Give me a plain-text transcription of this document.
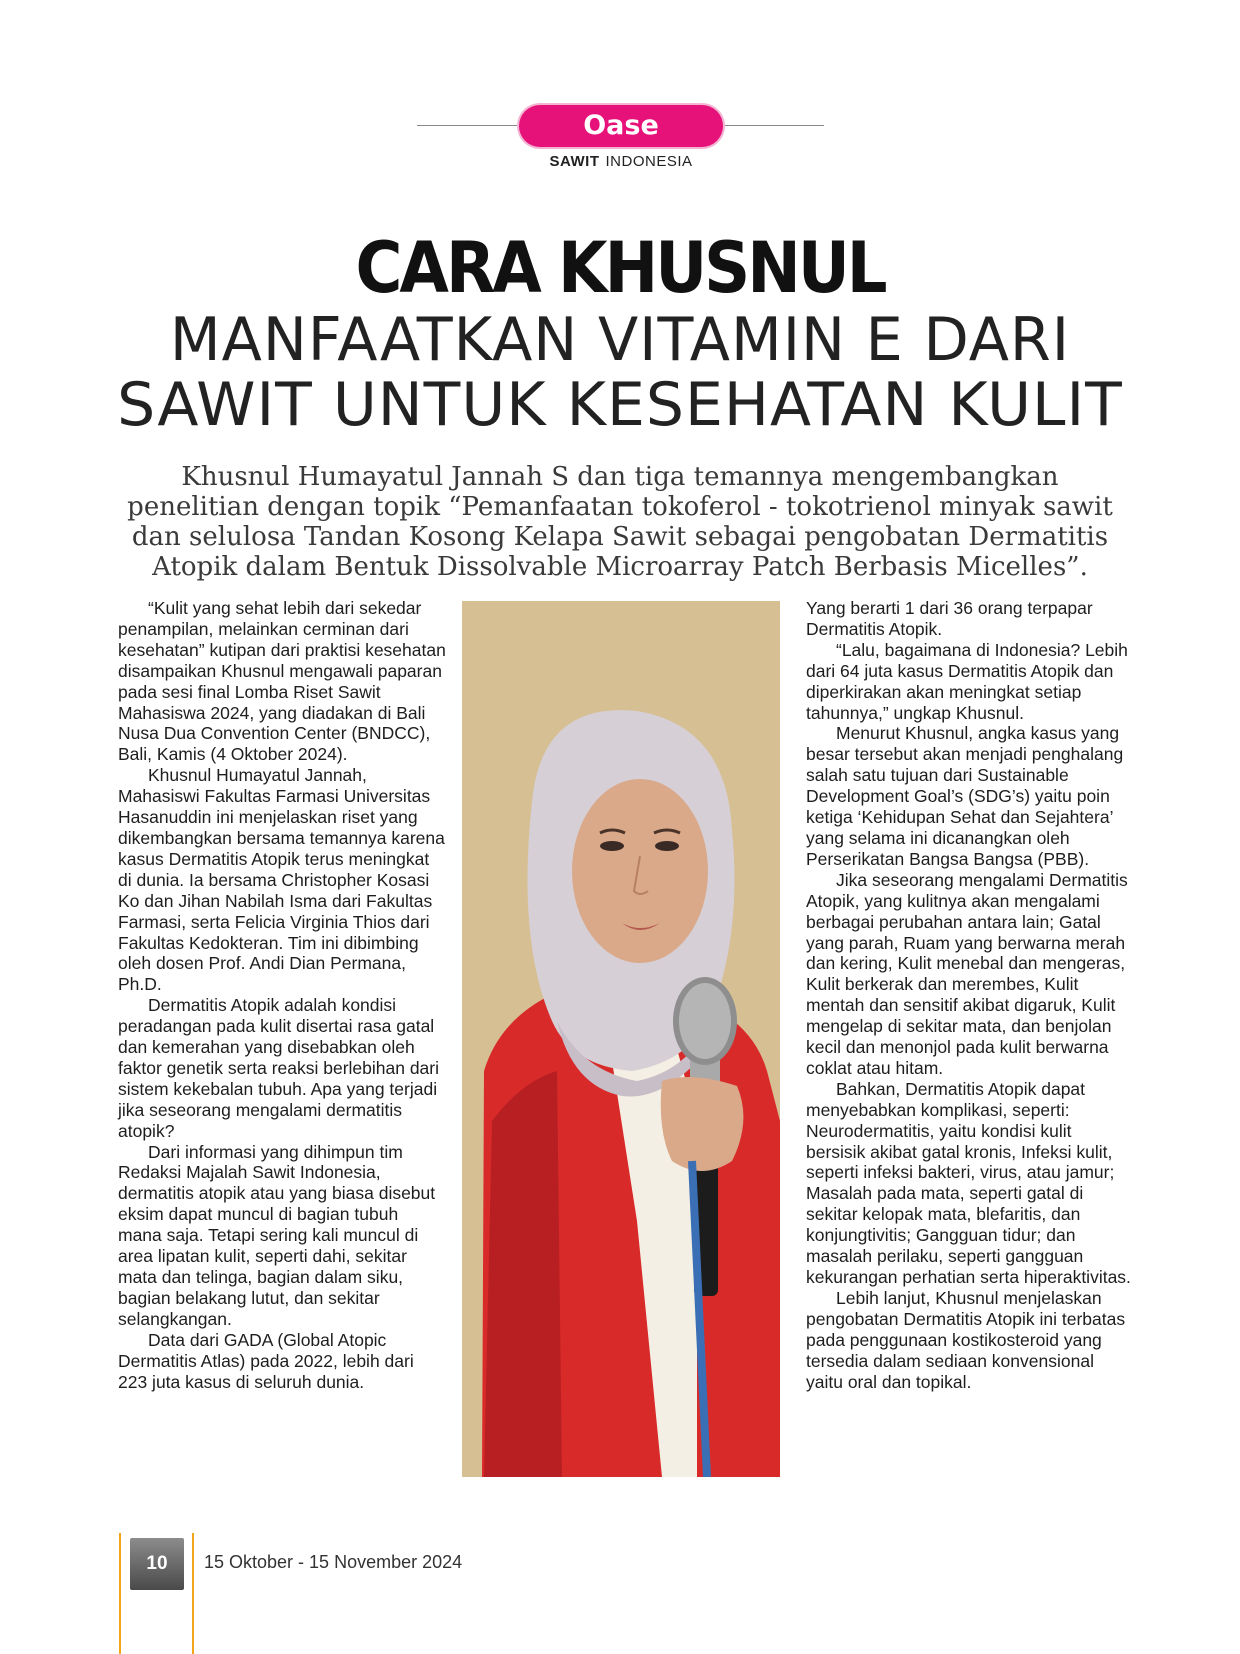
Oase
SAWIT INDONESIA
CARA KHUSNUL
MANFAATKAN VITAMIN E DARI
SAWIT UNTUK KESEHATAN KULIT
Khusnul Humayatul Jannah S dan tiga temannya mengembangkan penelitian dengan topik “Pemanfaatan tokoferol - tokotrienol minyak sawit dan selulosa Tandan Kosong Kelapa Sawit sebagai pengobatan Dermatitis Atopik dalam Bentuk Dissolvable Microarray Patch Berbasis Micelles”.

“Kulit yang sehat lebih dari sekedar penampilan, melainkan cerminan dari kesehatan” kutipan dari praktisi kesehatan disampaikan Khusnul mengawali paparan pada sesi final Lomba Riset Sawit Mahasiswa 2024, yang diadakan di Bali Nusa Dua Convention Center (BNDCC), Bali, Kamis (4 Oktober 2024).

Khusnul Humayatul Jannah, Mahasiswi Fakultas Farmasi Universitas Hasanuddin ini menjelaskan riset yang dikembangkan bersama temannya karena kasus Dermatitis Atopik terus meningkat di dunia. Ia bersama Christopher Kosasi Ko dan Jihan Nabilah Isma dari Fakultas Farmasi, serta Felicia Virginia Thios dari Fakultas Kedokteran. Tim ini dibimbing oleh dosen Prof. Andi Dian Permana, Ph.D.

Dermatitis Atopik adalah kondisi peradangan pada kulit disertai rasa gatal dan kemerahan yang disebabkan oleh faktor genetik serta reaksi berlebihan dari sistem kekebalan tubuh. Apa yang terjadi jika seseorang mengalami dermatitis atopik?

Dari informasi yang dihimpun tim Redaksi Majalah Sawit Indonesia, dermatitis atopik atau yang biasa disebut eksim dapat muncul di bagian tubuh mana saja. Tetapi sering kali muncul di area lipatan kulit, seperti dahi, sekitar mata dan telinga, bagian dalam siku, bagian belakang lutut, dan sekitar selangkangan.

Data dari GADA (Global Atopic Dermatitis Atlas) pada 2022, lebih dari 223 juta kasus di seluruh dunia.

Yang berarti 1 dari 36 orang terpapar Dermatitis Atopik.

“Lalu, bagaimana di Indonesia? Lebih dari 64 juta kasus Dermatitis Atopik dan diperkirakan akan meningkat setiap tahunnya,” ungkap Khusnul.

Menurut Khusnul, angka kasus yang besar tersebut akan menjadi penghalang salah satu tujuan dari Sustainable Development Goal’s (SDG’s) yaitu poin ketiga ‘Kehidupan Sehat dan Sejahtera’ yang selama ini dicanangkan oleh Perserikatan Bangsa Bangsa (PBB).

Jika seseorang mengalami Dermatitis Atopik, yang kulitnya akan mengalami berbagai perubahan antara lain; Gatal yang parah, Ruam yang berwarna merah dan kering, Kulit menebal dan mengeras, Kulit berkerak dan merembes, Kulit mentah dan sensitif akibat digaruk, Kulit mengelap di sekitar mata, dan benjolan kecil dan menonjol pada kulit berwarna coklat atau hitam.

Bahkan, Dermatitis Atopik dapat menyebabkan komplikasi, seperti: Neurodermatitis, yaitu kondisi kulit bersisik akibat gatal kronis, Infeksi kulit, seperti infeksi bakteri, virus, atau jamur; Masalah pada mata, seperti gatal di sekitar kelopak mata, blefaritis, dan konjungtivitis; Gangguan tidur; dan masalah perilaku, seperti gangguan kekurangan perhatian serta hiperaktivitas.

Lebih lanjut, Khusnul menjelaskan pengobatan Dermatitis Atopik ini terbatas pada penggunaan kostikosteroid yang tersedia dalam sediaan konvensional yaitu oral dan topikal.

10	15 Oktober - 15 November 2024
